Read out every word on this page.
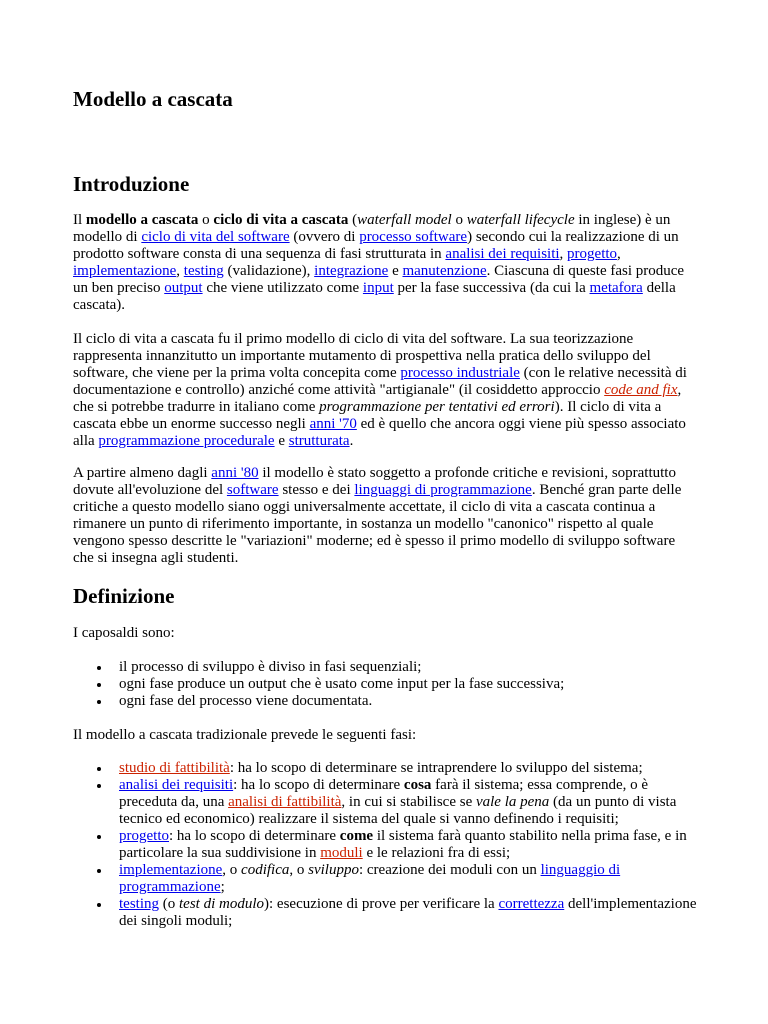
Modello a cascata
Introduzione

Il modello a cascata o ciclo di vita a cascata (waterfall model o waterfall lifecycle in inglese) è un modello di ciclo di vita del software (ovvero di processo software) secondo cui la realizzazione di un prodotto software consta di una sequenza di fasi strutturata in analisi dei requisiti, progetto, implementazione, testing (validazione), integrazione e manutenzione. Ciascuna di queste fasi produce un ben preciso output che viene utilizzato come input per la fase successiva (da cui la metafora della cascata).

Il ciclo di vita a cascata fu il primo modello di ciclo di vita del software. La sua teorizzazione rappresenta innanzitutto un importante mutamento di prospettiva nella pratica dello sviluppo del software, che viene per la prima volta concepita come processo industriale (con le relative necessità di documentazione e controllo) anziché come attività "artigianale" (il cosiddetto approccio code and fix, che si potrebbe tradurre in italiano come programmazione per tentativi ed errori). Il ciclo di vita a cascata ebbe un enorme successo negli anni '70 ed è quello che ancora oggi viene più spesso associato alla programmazione procedurale e strutturata.

A partire almeno dagli anni '80 il modello è stato soggetto a profonde critiche e revisioni, soprattutto dovute all'evoluzione del software stesso e dei linguaggi di programmazione. Benché gran parte delle critiche a questo modello siano oggi universalmente accettate, il ciclo di vita a cascata continua a rimanere un punto di riferimento importante, in sostanza un modello "canonico" rispetto al quale vengono spesso descritte le "variazioni" moderne; ed è spesso il primo modello di sviluppo software che si insegna agli studenti.

Definizione

I caposaldi sono:

il processo di sviluppo è diviso in fasi sequenziali;
ogni fase produce un output che è usato come input per la fase successiva;
ogni fase del processo viene documentata.

Il modello a cascata tradizionale prevede le seguenti fasi:

studio di fattibilità: ha lo scopo di determinare se intraprendere lo sviluppo del sistema;
analisi dei requisiti: ha lo scopo di determinare cosa farà il sistema; essa comprende, o è preceduta da, una analisi di fattibilità, in cui si stabilisce se vale la pena (da un punto di vista tecnico ed economico) realizzare il sistema del quale si vanno definendo i requisiti;
progetto: ha lo scopo di determinare come il sistema farà quanto stabilito nella prima fase, e in particolare la sua suddivisione in moduli e le relazioni fra di essi;
implementazione, o codifica, o sviluppo: creazione dei moduli con un linguaggio di programmazione;
testing (o test di modulo): esecuzione di prove per verificare la correttezza dell'implementazione dei singoli moduli;
